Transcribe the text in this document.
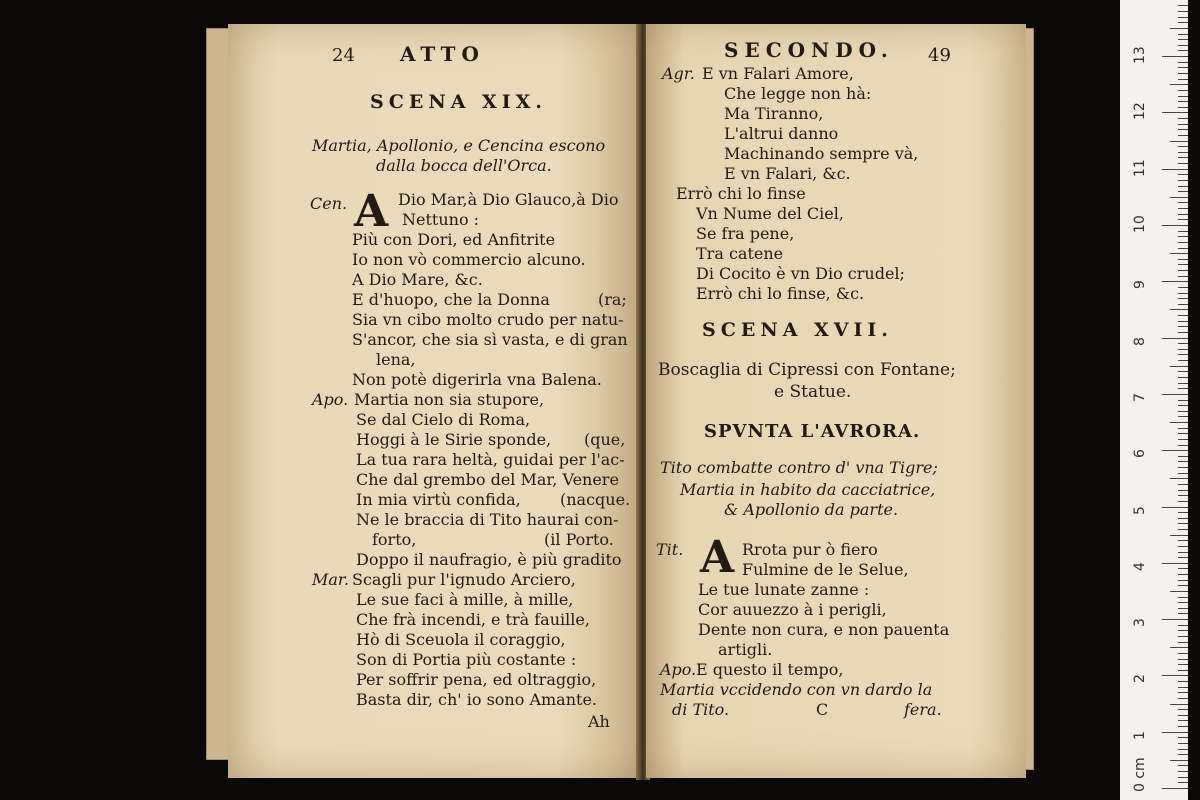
24 ATTO
SCENA XIX.
Martia, Apollonio, e Cencina escono
dalla bocca dell'Orca.
Cen. A Dio Mar,à Dio Glauco,à Dio
Nettuno :
Più con Dori, ed Anfitrite
Io non vò commercio alcuno.
A Dio Mare, &c.
E d'huopo, che la Donna	(ra;
Sia vn cibo molto crudo per natu-
S'ancor, che sia sì vasta, e di gran
lena,
Non potè digerirla vna Balena.
Apo. Martia non sia stupore,
Se dal Cielo di Roma,
Hoggi à le Sirie sponde, (que,
La tua rara heltà, guidai per l'ac-
Che dal grembo del Mar, Venere
In mia virtù confida, (nacque.
Ne le braccia di Tito haurai con-
forto,	(il Porto.
Doppo il naufragio, è più gradito
Mar. Scagli pur l'ignudo Arciero,
Le sue faci à mille, à mille,
Che frà incendi, e trà fauille,
Hò di Sceuola il coraggio,
Son di Portia più costante :
Per soffrir pena, ed oltraggio,
Basta dir, ch' io sono Amante.
Ah
SECONDO. 49
Agr. E vn Falari Amore,
Che legge non hà:
Ma Tiranno,
L'altrui danno
Machinando sempre và,
E vn Falari, &c.
Errò chi lo finse
Vn Nume del Ciel,
Se fra pene,
Tra catene
Di Cocito è vn Dio crudel;
Errò chi lo finse, &c.
SCENA XVII.
Boscaglia di Cipressi con Fontane;
e Statue.
SPVNTA L'AVRORA.
Tito combatte contro d' vna Tigre;
Martia in habito da cacciatrice,
& Apollonio da parte.
Tit. A Rrota pur ò fiero
Fulmine de le Selue,
Le tue lunate zanne :
Cor auuezzo à i perigli,
Dente non cura, e non pauenta
artigli.
Apo. E questo il tempo,
Martia vccidendo con vn dardo la
di Tito.	C	fera.
0 cm
1
2
3
4
5
6
7
8
9
10
11
12
13
